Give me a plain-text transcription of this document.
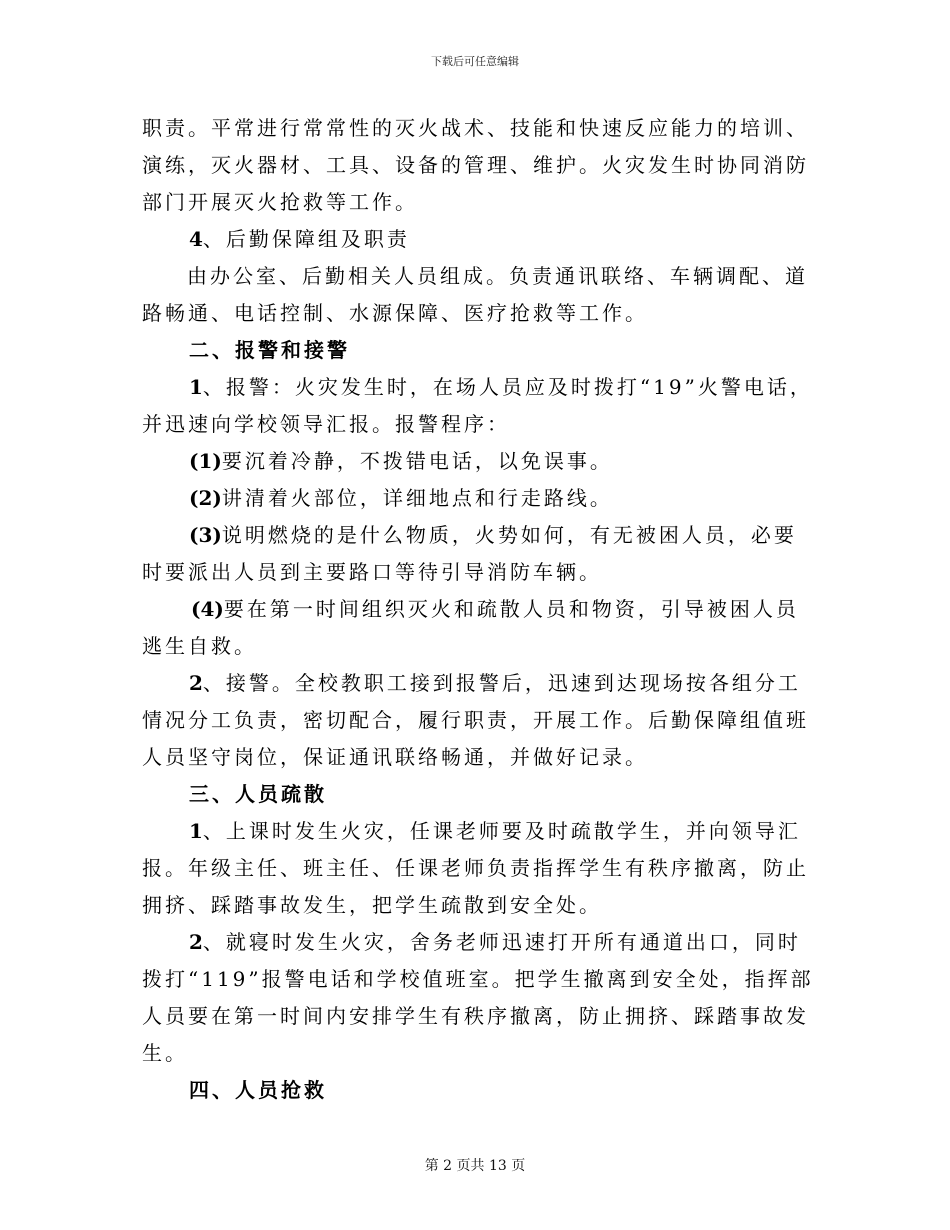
下载后可任意编辑

职责。平常进行常常性的灭火战术、技能和快速反应能力的培训、演练，灭火器材、工具、设备的管理、维护。火灾发生时协同消防部门开展灭火抢救等工作。

4、后勤保障组及职责

由办公室、后勤相关人员组成。负责通讯联络、车辆调配、道路畅通、电话控制、水源保障、医疗抢救等工作。

二、报警和接警

1、报警：火灾发生时，在场人员应及时拨打“19”火警电话，并迅速向学校领导汇报。报警程序：

(1)要沉着冷静，不拨错电话，以免误事。

(2)讲清着火部位，详细地点和行走路线。

(3)说明燃烧的是什么物质，火势如何，有无被困人员，必要时要派出人员到主要路口等待引导消防车辆。

(4)要在第一时间组织灭火和疏散人员和物资，引导被困人员逃生自救。

2、接警。全校教职工接到报警后，迅速到达现场按各组分工情况分工负责，密切配合，履行职责，开展工作。后勤保障组值班人员坚守岗位，保证通讯联络畅通，并做好记录。

三、人员疏散

1、上课时发生火灾，任课老师要及时疏散学生，并向领导汇报。年级主任、班主任、任课老师负责指挥学生有秩序撤离，防止拥挤、踩踏事故发生，把学生疏散到安全处。

2、就寝时发生火灾，舍务老师迅速打开所有通道出口，同时拨打“119”报警电话和学校值班室。把学生撤离到安全处，指挥部人员要在第一时间内安排学生有秩序撤离，防止拥挤、踩踏事故发生。

四、人员抢救

第 2 页共 13 页
